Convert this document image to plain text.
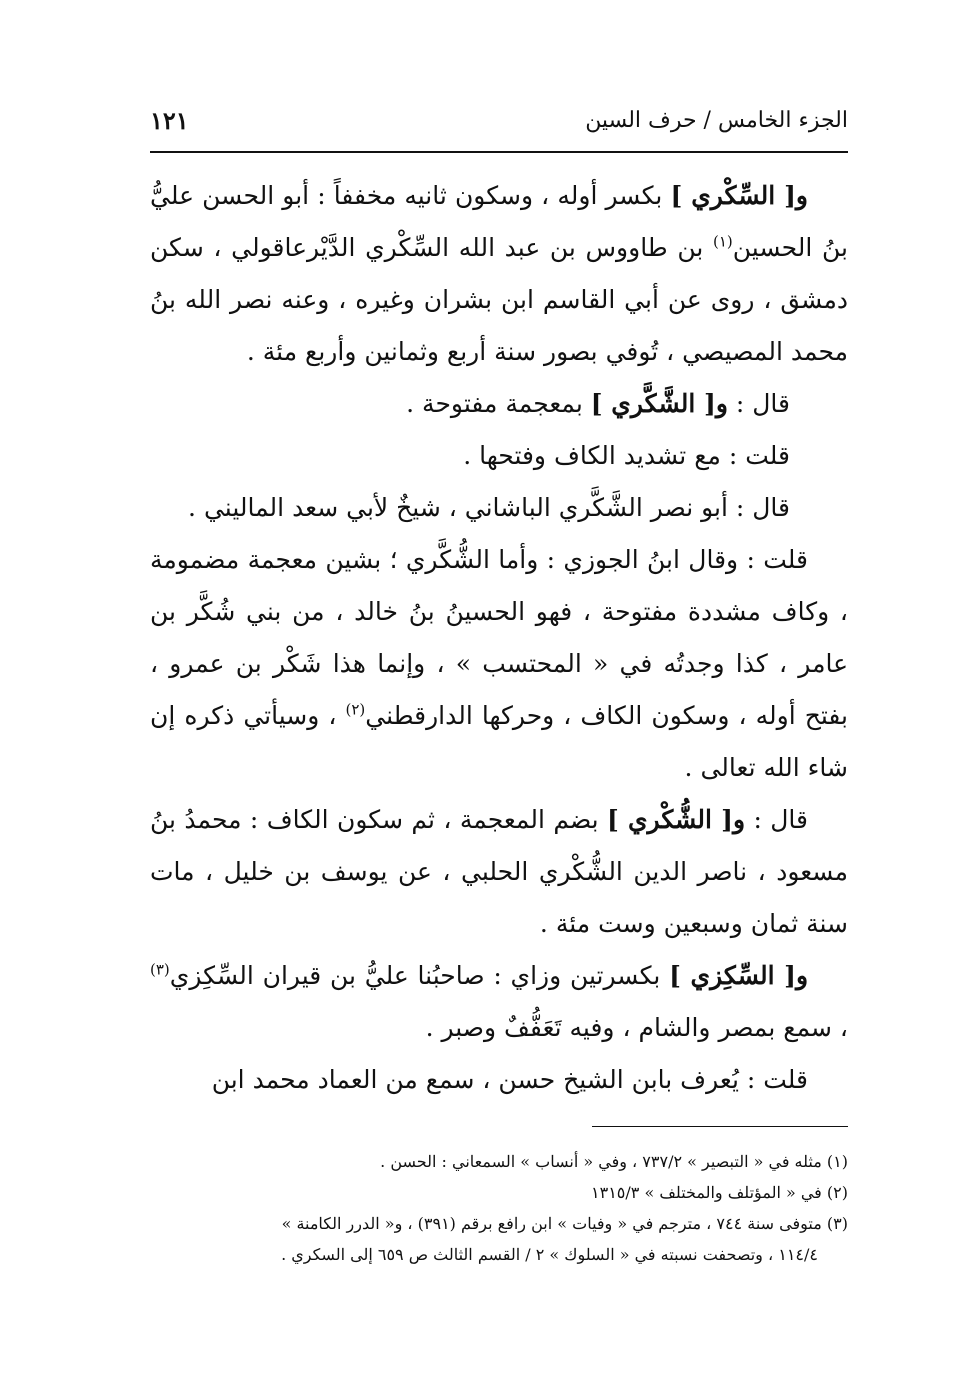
الجزء الخامس / حرف السين
١٢١

و[ السِّكْري ] بكسر أوله ، وسكون ثانيه مخففاً : أبو الحسن عليُّ بنُ الحسين$^{(١)}$ بن طاووس بن عبد الله السِّكْري الدَّيْرعاقولي ، سكن دمشق ، روى عن أبي القاسم ابن بشران وغيره ، وعنه نصر الله بنُ محمد المصيصي ، تُوفي بصور سنة أربع وثمانين وأربع مئة .

قال : و[ الشَّكَّري ] بمعجمة مفتوحة .

قلت : مع تشديد الكاف وفتحها .

قال : أبو نصر الشَّكَّري الباشاني ، شيخٌ لأبي سعد الماليني .

قلت : وقال ابنُ الجوزي : وأما الشُّكَّري ؛ بشين معجمة مضمومة ، وكاف مشددة مفتوحة ، فهو الحسينُ بنُ خالد ، من بني شُكَّر بن عامر ، كذا وجدتُه في « المحتسب » ، وإنما هذا شَكْر بن عمرو ، بفتح أوله ، وسكون الكاف ، وحركها الدارقطني$^{(٢)}$ ، وسيأتي ذكره إن شاء الله تعالى .

قال : و[ الشُّكْري ] بضم المعجمة ، ثم سكون الكاف : محمدُ بنُ مسعود ، ناصر الدين الشُّكْري الحلبي ، عن يوسف بن خليل ، مات سنة ثمان وسبعين وست مئة .

و[ السِّكِزي ] بكسرتين وزاي : صاحبُنا عليُّ بن قيران السِّكِزي$^{(٣)}$ ، سمع بمصر والشام ، وفيه تَعَفُّفٌ وصبر .

قلت : يُعرف بابن الشيخ حسن ، سمع من العماد محمد ابن

(١) مثله في « التبصير » ٧٣٧/٢ ، وفي « أنساب » السمعاني : الحسن .

(٢) في « المؤتلف والمختلف » ١٣١٥/٣

(٣) متوفى سنة ٧٤٤ ، مترجم في « وفيات » ابن رافع برقم (٣٩١) ، و« الدرر الكامنة »

١١٤/٤ ، وتصحفت نسبته في « السلوك » ٢ / القسم الثالث ص ٦٥٩ إلى السكري .
